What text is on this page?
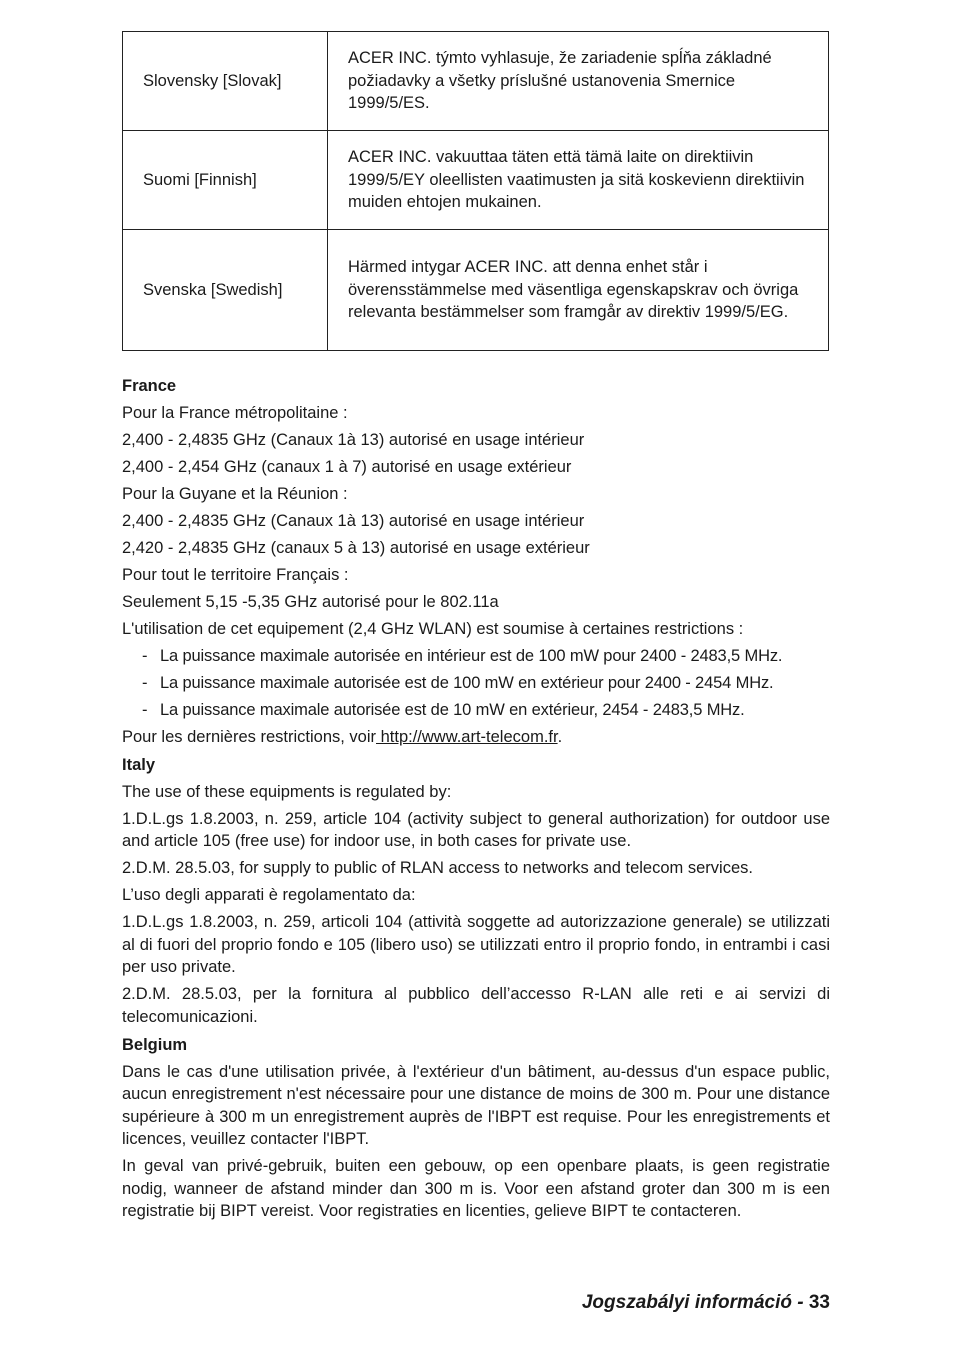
Slovensky [Slovak]	ACER INC. týmto vyhlasuje, že zariadenie spĺňa základné požiadavky a všetky príslušné ustanovenia Smernice 1999/5/ES.
Suomi [Finnish]	ACER INC. vakuuttaa täten että tämä laite on direktiivin 1999/5/EY oleellisten vaatimusten ja sitä koskevienn direktiivin muiden ehtojen mukainen.
Svenska [Swedish]	Härmed intygar ACER INC. att denna enhet står i överensstämmelse med väsentliga egenskapskrav och övriga relevanta bestämmelser som framgår av direktiv 1999/5/EG.
France
Pour la France métropolitaine :
2,400 - 2,4835 GHz (Canaux 1à 13) autorisé en usage intérieur
2,400 - 2,454 GHz (canaux 1 à 7) autorisé en usage extérieur
Pour la Guyane et la Réunion :
2,400 - 2,4835 GHz (Canaux 1à 13) autorisé en usage intérieur
2,420 - 2,4835 GHz (canaux 5 à 13) autorisé en usage extérieur
Pour tout le territoire Français :
Seulement 5,15 -5,35 GHz autorisé pour le 802.11a
L'utilisation de cet equipement (2,4 GHz WLAN) est soumise à certaines restrictions :
- La puissance maximale autorisée en intérieur est de 100 mW pour 2400 - 2483,5 MHz.
- La puissance maximale autorisée est de 100 mW en extérieur pour 2400 - 2454 MHz.
- La puissance maximale autorisée est de 10 mW en extérieur, 2454 - 2483,5 MHz.
Pour les dernières restrictions, voir http://www.art-telecom.fr.
Italy
The use of these equipments is regulated by:
1.D.L.gs 1.8.2003, n. 259, article 104 (activity subject to general authorization) for outdoor use and article 105 (free use) for indoor use, in both cases for private use.
2.D.M. 28.5.03, for supply to public of RLAN access to networks and telecom services.
L’uso degli apparati è regolamentato da:
1.D.L.gs 1.8.2003, n. 259, articoli 104 (attività soggette ad autorizzazione generale) se utilizzati al di fuori del proprio fondo e 105 (libero uso) se utilizzati entro il proprio fondo, in entrambi i casi per uso private.
2.D.M. 28.5.03, per la fornitura al pubblico dell’accesso R-LAN alle reti e ai servizi di telecomunicazioni.
Belgium
Dans le cas d'une utilisation privée, à l'extérieur d'un bâtiment, au-dessus d'un espace public, aucun enregistrement n'est nécessaire pour une distance de moins de 300 m. Pour une distance supérieure à 300 m un enregistrement auprès de l'IBPT est requise. Pour les enregistrements et licences, veuillez contacter l'IBPT.
In geval van privé-gebruik, buiten een gebouw, op een openbare plaats, is geen registratie nodig, wanneer de afstand minder dan 300 m is. Voor een afstand groter dan 300 m is een registratie bij BIPT vereist. Voor registraties en licenties, gelieve BIPT te contacteren.
Jogszabályi információ - 33
